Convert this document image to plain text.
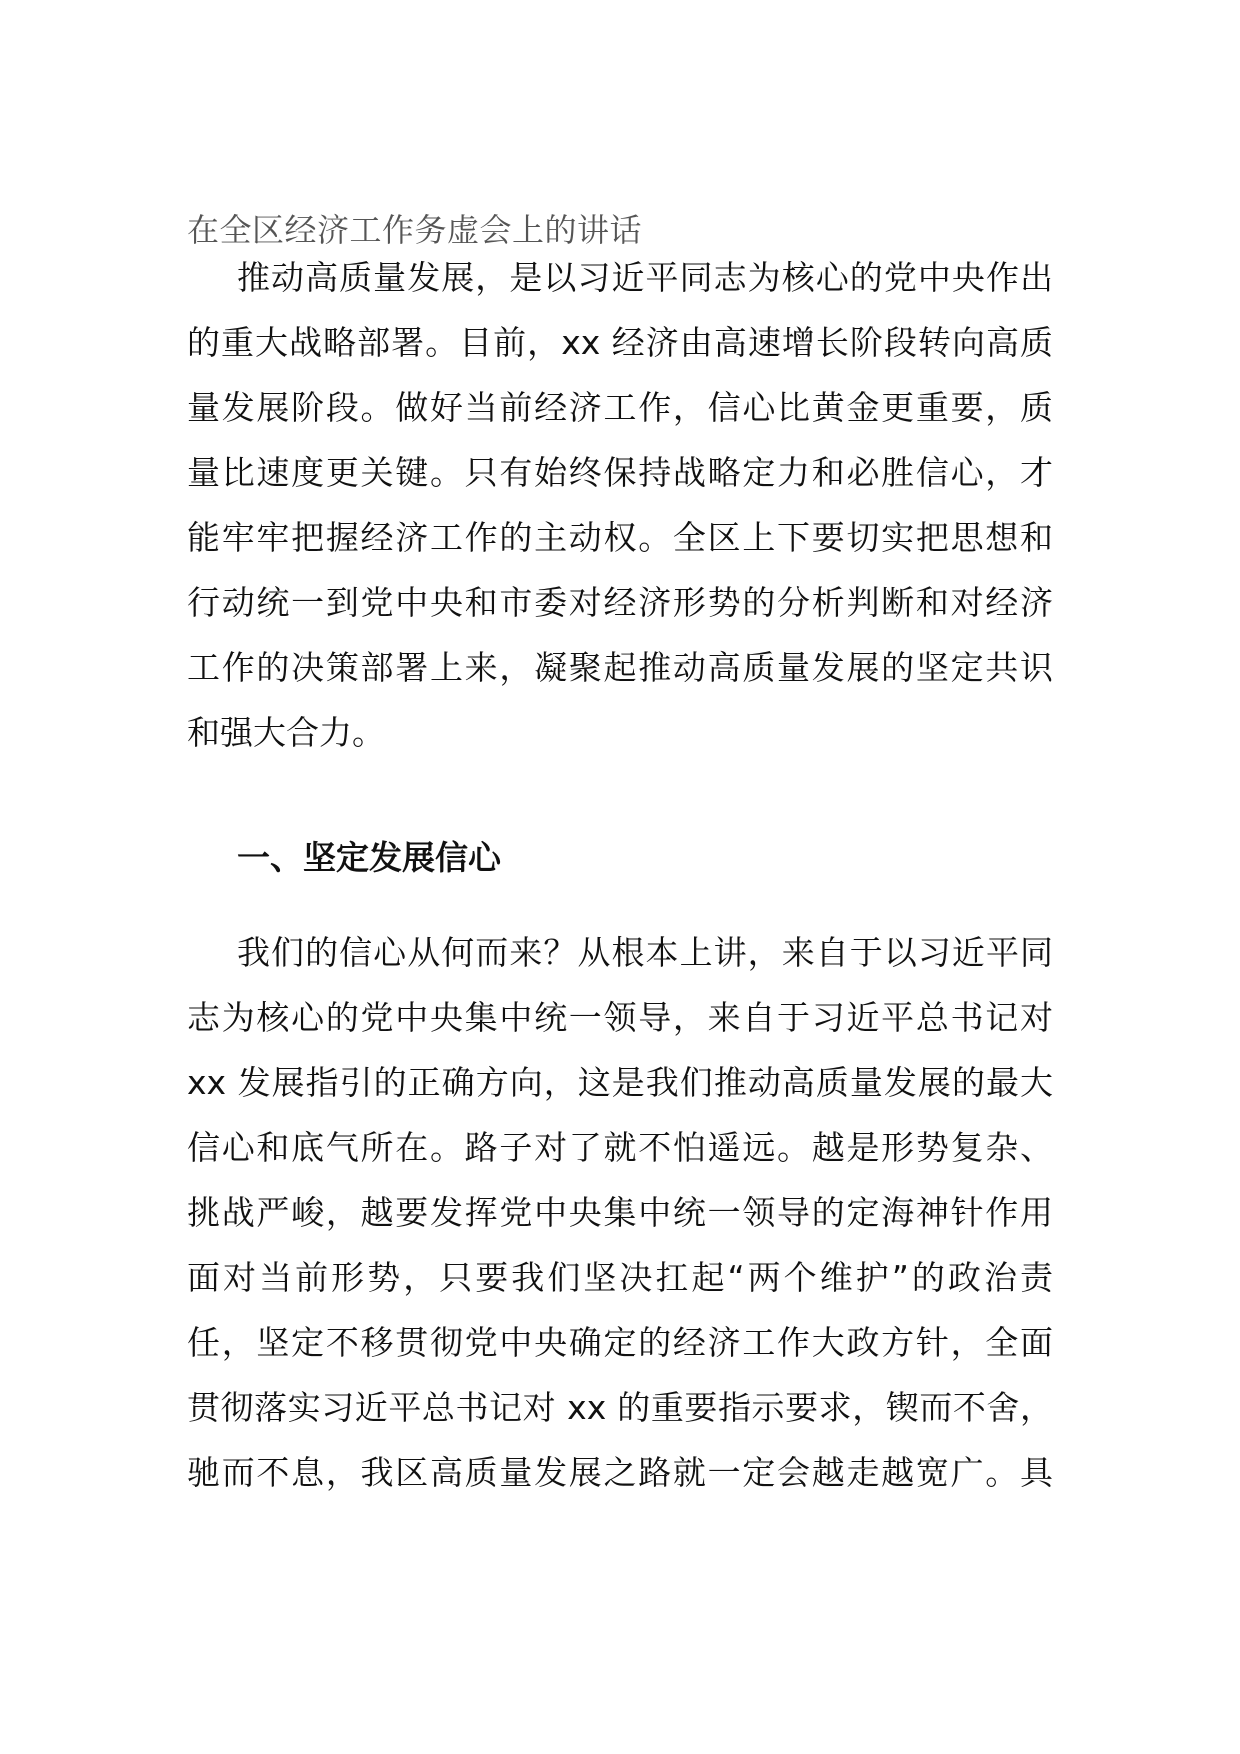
在全区经济工作务虚会上的讲话
推动高质量发展，是以习近平同志为核心的党中央作出
的重大战略部署。目前，xx 经济由高速增长阶段转向高质
量发展阶段。做好当前经济工作，信心比黄金更重要，质
量比速度更关键。只有始终保持战略定力和必胜信心，才
能牢牢把握经济工作的主动权。全区上下要切实把思想和
行动统一到党中央和市委对经济形势的分析判断和对经济
工作的决策部署上来，凝聚起推动高质量发展的坚定共识
和强大合力。
一、坚定发展信心
我们的信心从何而来？从根本上讲，来自于以习近平同
志为核心的党中央集中统一领导，来自于习近平总书记对
xx 发展指引的正确方向，这是我们推动高质量发展的最大
信心和底气所在。路子对了就不怕遥远。越是形势复杂、
挑战严峻，越要发挥党中央集中统一领导的定海神针作用
面对当前形势，只要我们坚决扛起“两个维护”的政治责
任，坚定不移贯彻党中央确定的经济工作大政方针，全面
贯彻落实习近平总书记对 xx 的重要指示要求，锲而不舍，
驰而不息，我区高质量发展之路就一定会越走越宽广。具
